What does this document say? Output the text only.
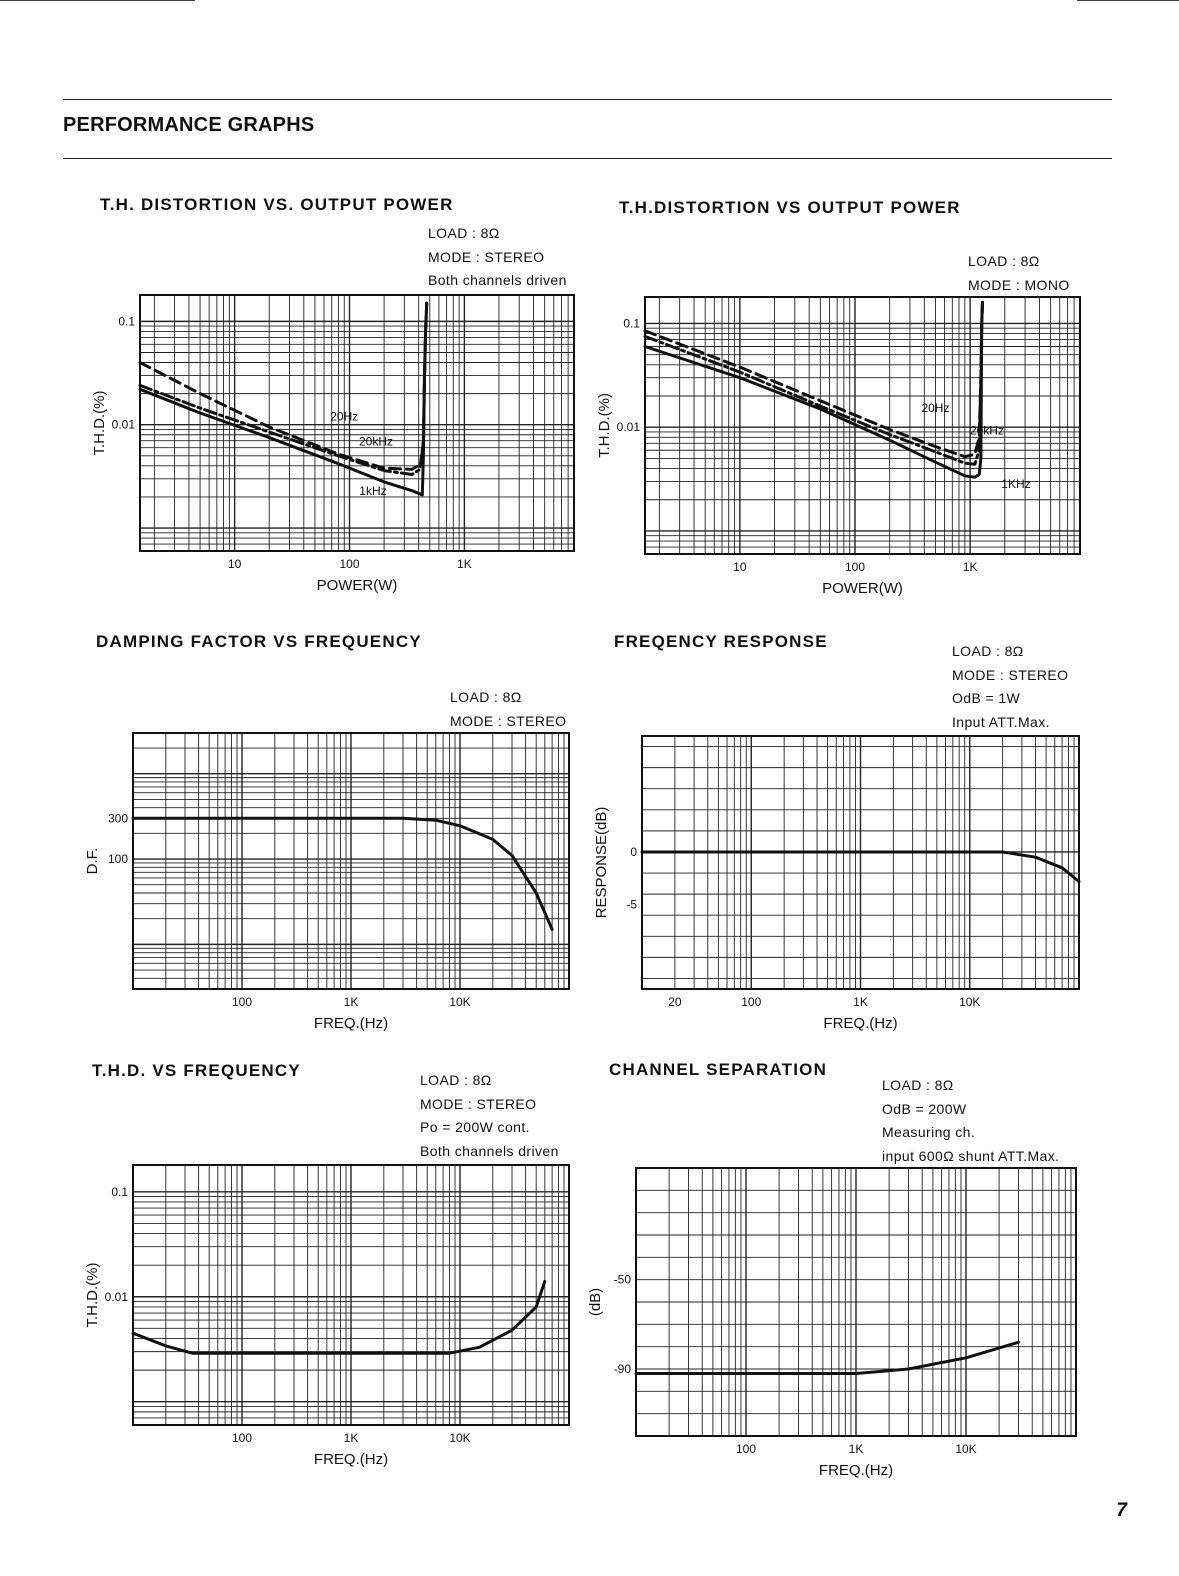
PERFORMANCE GRAPHS
T.H. DISTORTION VS. OUTPUT POWER
LOAD : 8Ω
MODE : STEREO
Both channels driven
10	100	1K
0.1
0.01
POWER(W)
T.H.D.(%)	20Hz
20kHz
1kHz
T.H.DISTORTION VS OUTPUT POWER
LOAD : 8Ω
MODE : MONO
10	100	1K
0.1
0.01
POWER(W)
T.H.D.(%)	20Hz
20kHz
1KHz
DAMPING FACTOR VS FREQUENCY
LOAD : 8Ω
MODE : STEREO
100	1K	10K
300
100
FREQ.(Hz)
D.F.
FREQENCY RESPONSE	LOAD : 8Ω
MODE : STEREO
OdB = 1W
Input ATT.Max.
20	100	1K	10K
0
-5
FREQ.(Hz)
RESPONSE(dB)
T.H.D. VS FREQUENCY	LOAD : 8Ω
MODE : STEREO
Po = 200W cont.
Both channels driven
100	1K	10K
0.1
0.01
FREQ.(Hz)
T.H.D.(%)
CHANNEL SEPARATION
LOAD : 8Ω
OdB = 200W
Measuring ch.
input 600Ω shunt ATT.Max.
100	1K	10K
-50
-90
FREQ.(Hz)
(dB)
7
